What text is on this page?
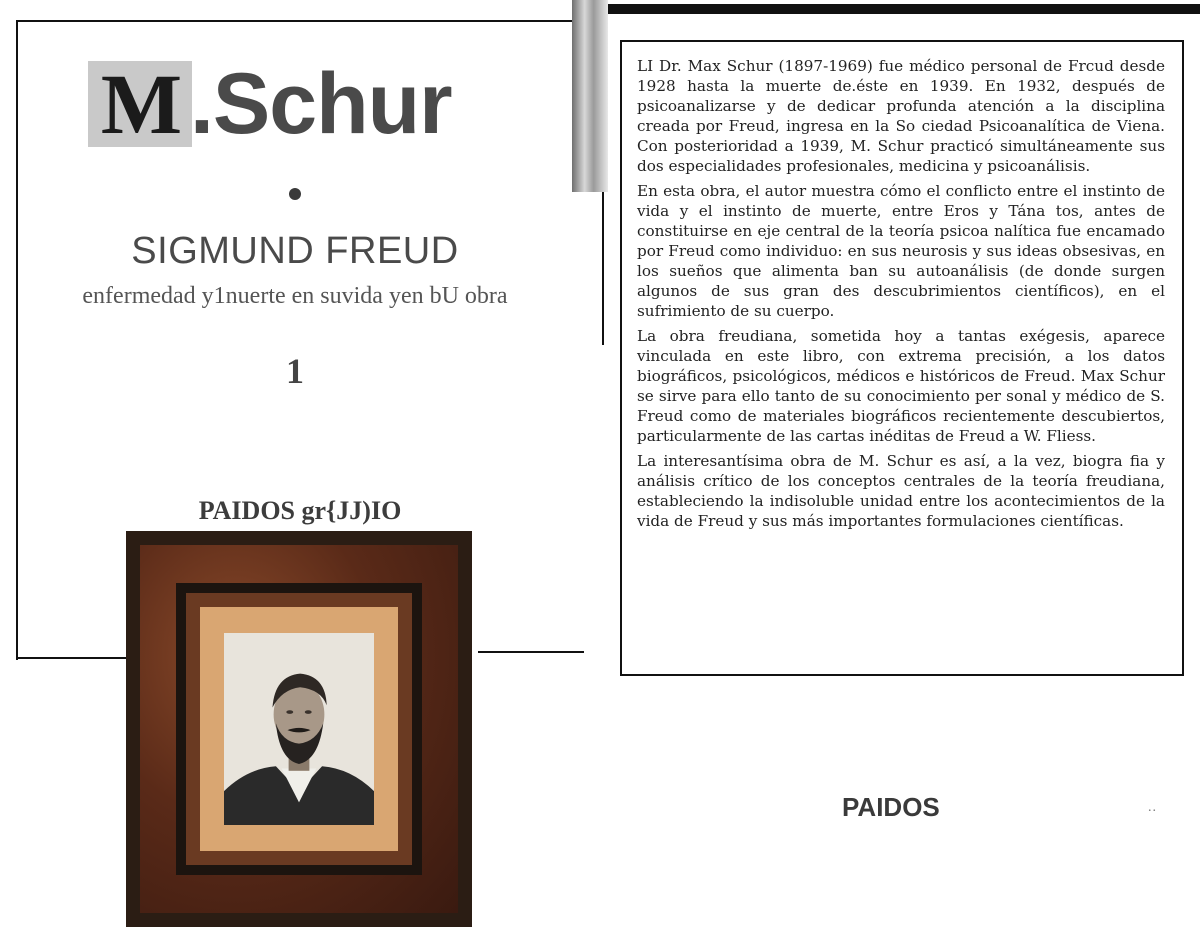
M .Schur
SIGMUND FREUD
enfermedad y1nuerte en suvida yen bU obra
1
PAIDOS gr{JJ)IO

LI Dr. Max Schur (1897-1969) fue médico personal de Frcud desde 1928 hasta la muerte de.éste en 1939. En 1932, después de psicoanalizarse y de dedicar profunda atención a la disciplina creada por Freud, ingresa en la So ciedad Psicoanalítica de Viena. Con posterioridad a 1939, M. Schur practicó simultáneamente sus dos especialidades profesionales, medicina y psicoanálisis.

En esta obra, el autor muestra cómo el conflicto entre el instinto de vida y el instinto de muerte, entre Eros y Tána tos, antes de constituirse en eje central de la teoría psicoa nalítica fue encamado por Freud como individuo: en sus neurosis y sus ideas obsesivas, en los sueños que alimenta ban su autoanálisis (de donde surgen algunos de sus gran des descubrimientos científicos), en el sufrimiento de su cuerpo.

La obra freudiana, sometida hoy a tantas exégesis, aparece vinculada en este libro, con extrema precisión, a los datos biográficos, psicológicos, médicos e históricos de Freud. Max Schur se sirve para ello tanto de su conocimiento per sonal y médico de S. Freud como de materiales biográficos recientemente descubiertos, particularmente de las cartas inéditas de Freud a W. Fliess.

La interesantísima obra de M. Schur es así, a la vez, biogra fia y análisis crítico de los conceptos centrales de la teoría freudiana, estableciendo la indisoluble unidad entre los acontecimientos de la vida de Freud y sus más importantes formulaciones científicas.

PAIDOS	..
